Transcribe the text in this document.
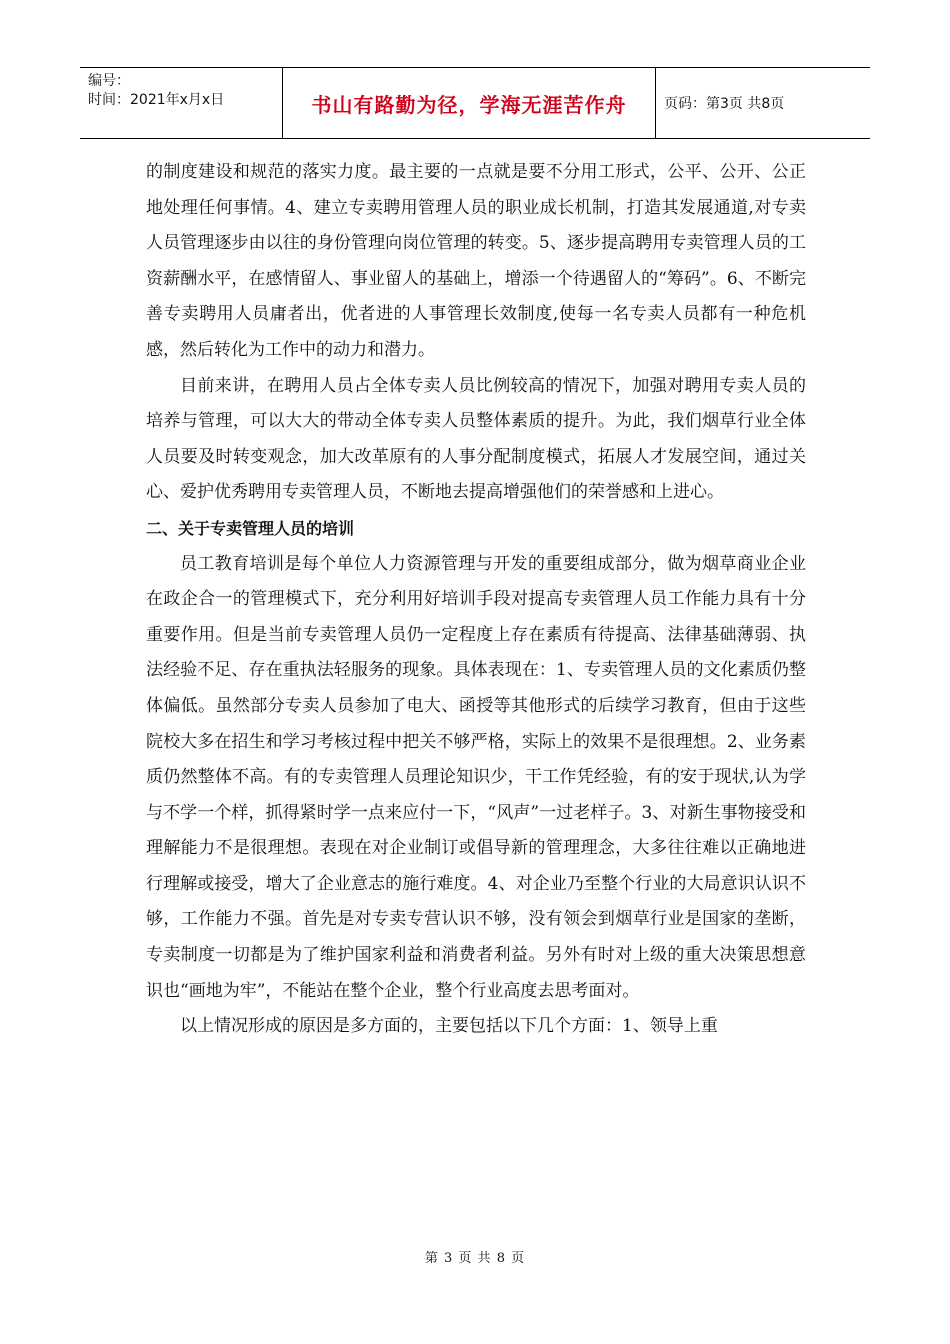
编号：
时间：2021年x月x日	书山有路勤为径，学海无涯苦作舟	页码：第3页 共8页

的制度建设和规范的落实力度。最主要的一点就是要不分用工形式，公平、公开、公正地处理任何事情。4、建立专卖聘用管理人员的职业成长机制，打造其发展通道,对专卖人员管理逐步由以往的身份管理向岗位管理的转变。5、逐步提高聘用专卖管理人员的工资薪酬水平，在感情留人、事业留人的基础上，增添一个待遇留人的“筹码”。6、不断完善专卖聘用人员庸者出，优者进的人事管理长效制度,使每一名专卖人员都有一种危机感，然后转化为工作中的动力和潜力。

目前来讲，在聘用人员占全体专卖人员比例较高的情况下，加强对聘用专卖人员的培养与管理，可以大大的带动全体专卖人员整体素质的提升。为此，我们烟草行业全体人员要及时转变观念，加大改革原有的人事分配制度模式，拓展人才发展空间，通过关心、爱护优秀聘用专卖管理人员，不断地去提高增强他们的荣誉感和上进心。

二、关于专卖管理人员的培训

员工教育培训是每个单位人力资源管理与开发的重要组成部分，做为烟草商业企业在政企合一的管理模式下，充分利用好培训手段对提高专卖管理人员工作能力具有十分重要作用。但是当前专卖管理人员仍一定程度上存在素质有待提高、法律基础薄弱、执法经验不足、存在重执法轻服务的现象。具体表现在：1、专卖管理人员的文化素质仍整体偏低。虽然部分专卖人员参加了电大、函授等其他形式的后续学习教育，但由于这些院校大多在招生和学习考核过程中把关不够严格，实际上的效果不是很理想。2、业务素质仍然整体不高。有的专卖管理人员理论知识少，干工作凭经验，有的安于现状,认为学与不学一个样，抓得紧时学一点来应付一下，“风声”一过老样子。3、对新生事物接受和理解能力不是很理想。表现在对企业制订或倡导新的管理理念，大多往往难以正确地进行理解或接受，增大了企业意志的施行难度。4、对企业乃至整个行业的大局意识认识不够，工作能力不强。首先是对专卖专营认识不够，没有领会到烟草行业是国家的垄断，专卖制度一切都是为了维护国家利益和消费者利益。另外有时对上级的重大决策思想意识也“画地为牢”，不能站在整个企业，整个行业高度去思考面对。

以上情况形成的原因是多方面的，主要包括以下几个方面：1、领导上重

第 3 页 共 8 页
